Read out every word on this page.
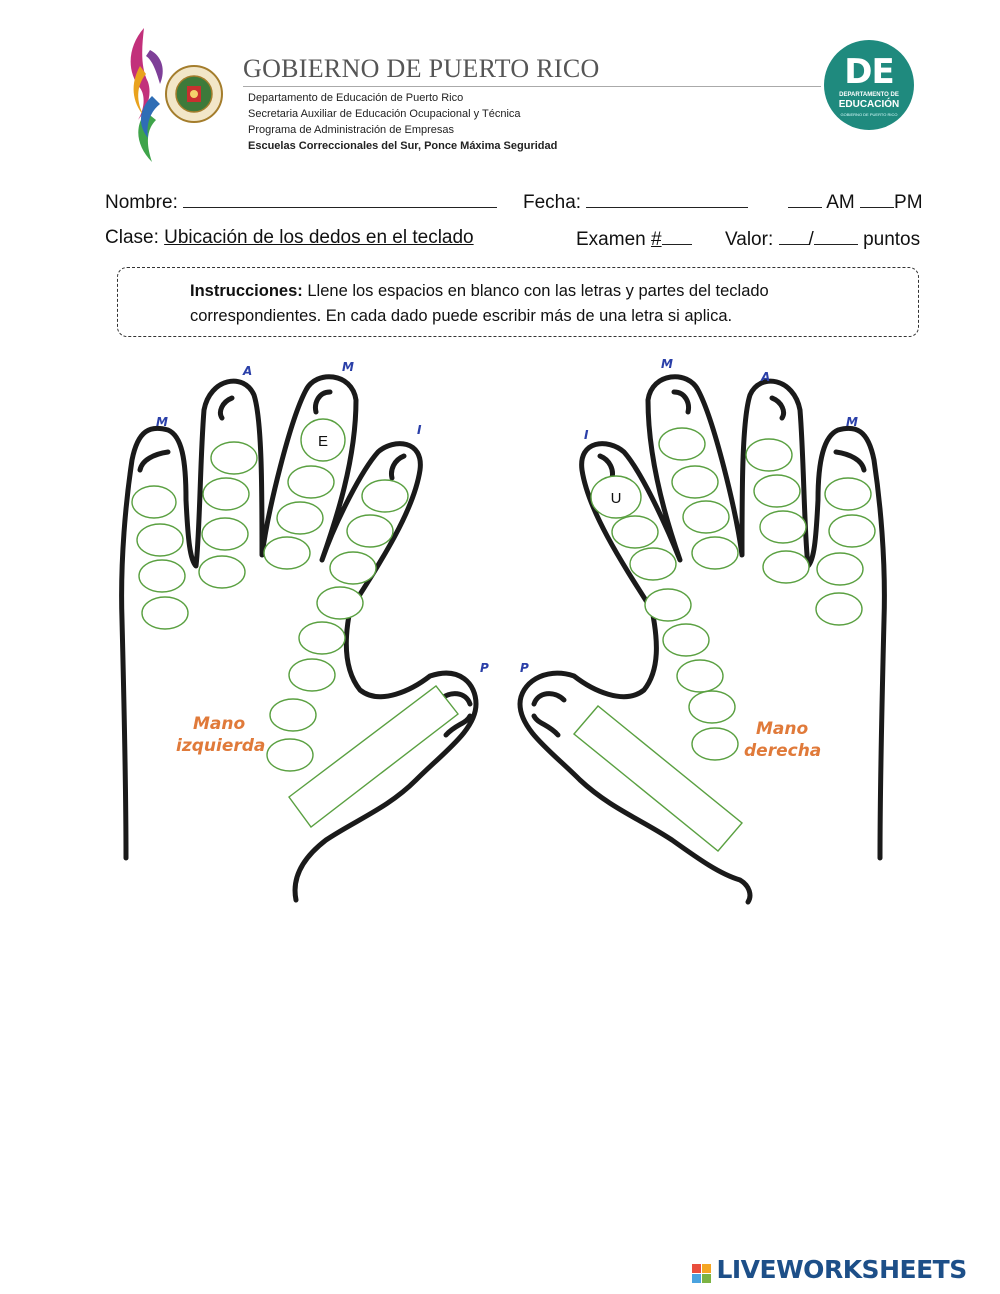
GOBIERNO DE PUERTO RICO
Departamento de Educación de Puerto Rico
Secretaria Auxiliar de Educación Ocupacional y Técnica
Programa de Administración de Empresas
Escuelas Correccionales del Sur, Ponce Máxima Seguridad
DE
DEPARTAMENTO DE
EDUCACIÓN
GOBIERNO DE PUERTO RICO
Nombre:	Fecha:	AM PM
Clase: Ubicación de los dedos en el teclado	Examen #	Valor: /	puntos
Instrucciones: Llene los espacios en blanco con las letras y partes del teclado correspondientes. En cada dado puede escribir más de una letra si aplica.
M
A	M
I
P
M
A
M
I
P
Mano
izquierda
Mano
derecha
E
U

LIVEWORKSHEETS
